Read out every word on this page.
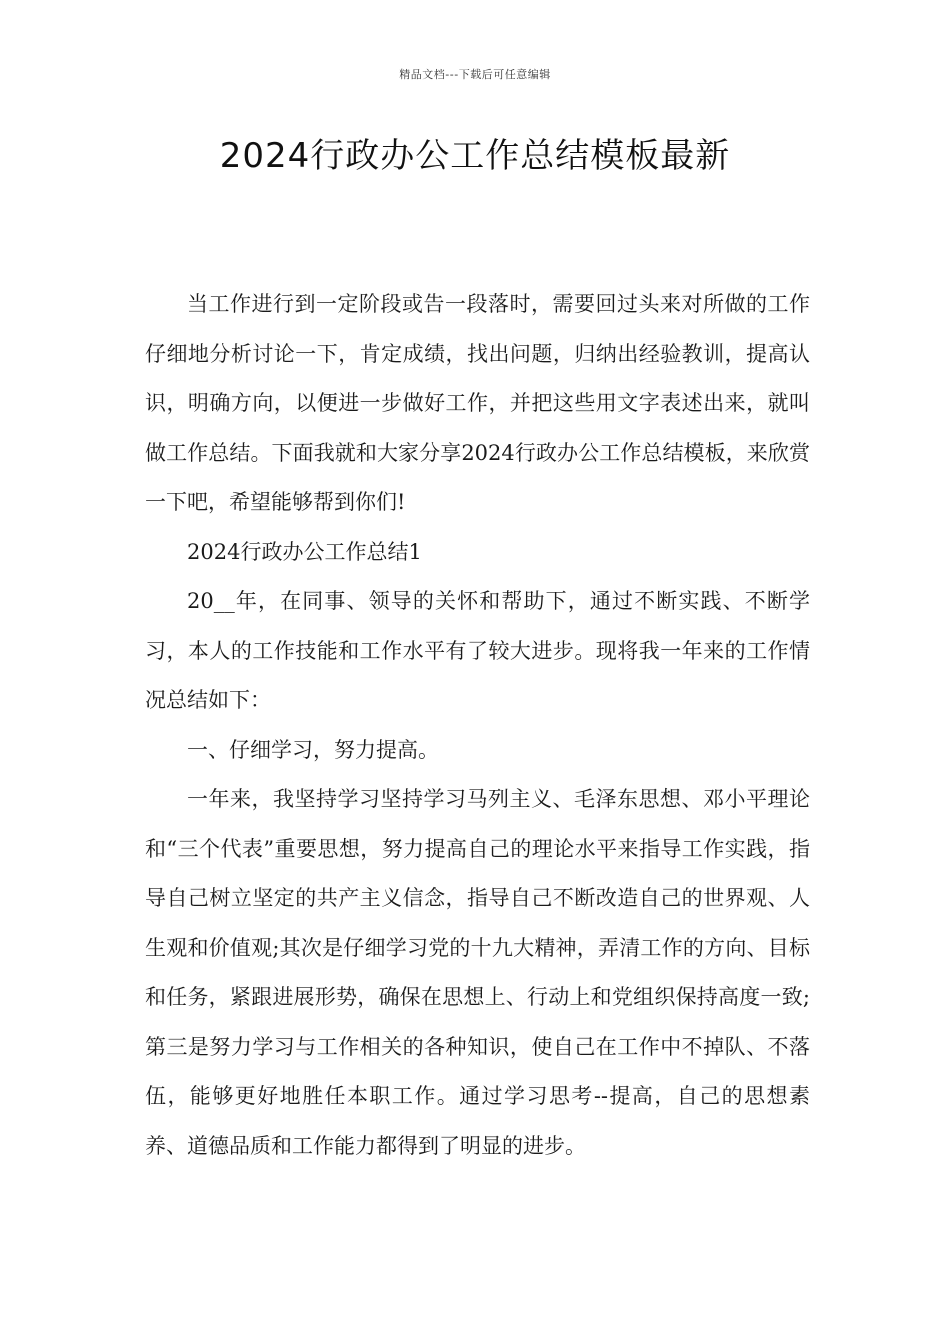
精品文档---下载后可任意编辑
2024行政办公工作总结模板最新

当工作进行到一定阶段或告一段落时，需要回过头来对所做的工作仔细地分析讨论一下，肯定成绩，找出问题，归纳出经验教训，提高认识，明确方向，以便进一步做好工作，并把这些用文字表述出来，就叫做工作总结。下面我就和大家分享2024行政办公工作总结模板，来欣赏一下吧，希望能够帮到你们!

2024行政办公工作总结1

20__年，在同事、领导的关怀和帮助下，通过不断实践、不断学习，本人的工作技能和工作水平有了较大进步。现将我一年来的工作情况总结如下：

一、仔细学习，努力提高。

一年来，我坚持学习坚持学习马列主义、毛泽东思想、邓小平理论和“三个代表”重要思想，努力提高自己的理论水平来指导工作实践，指导自己树立坚定的共产主义信念，指导自己不断改造自己的世界观、人生观和价值观;其次是仔细学习党的十九大精神，弄清工作的方向、目标和任务，紧跟进展形势，确保在思想上、行动上和党组织保持高度一致;第三是努力学习与工作相关的各种知识，使自己在工作中不掉队、不落伍，能够更好地胜任本职工作。通过学习思考--提高，自己的思想素养、道德品质和工作能力都得到了明显的进步。
